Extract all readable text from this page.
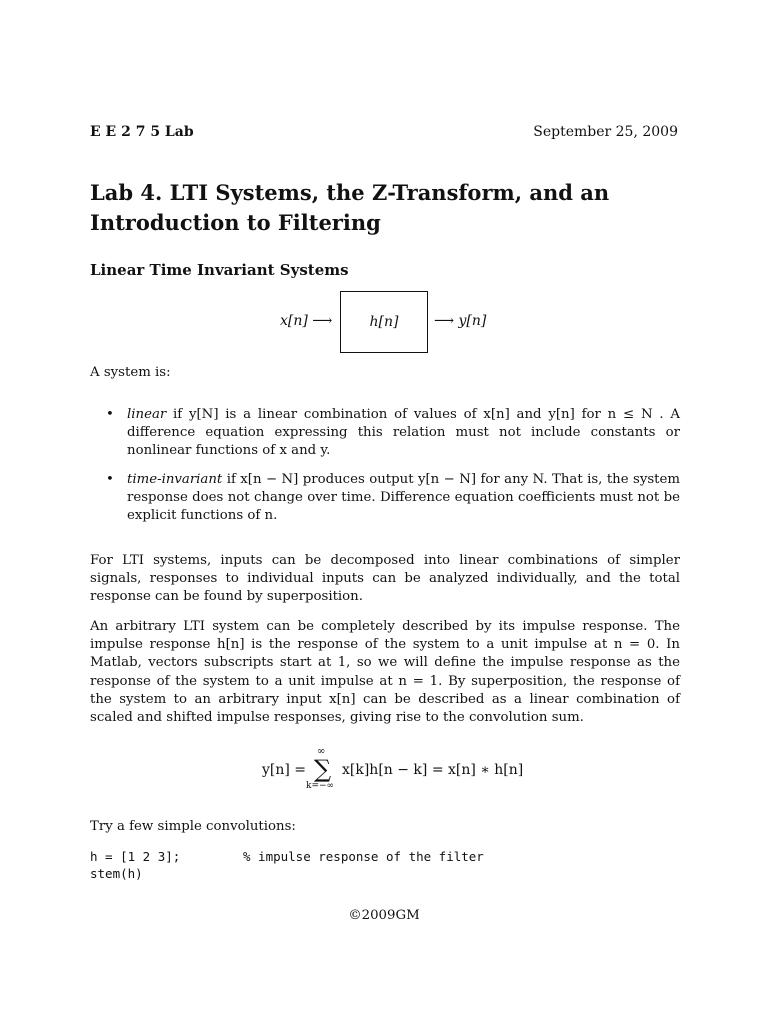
E E 2 7 5 Lab	September 25, 2009
Lab 4. LTI Systems, the Z-Transform, and an Introduction to Filtering
Linear Time Invariant Systems
x[n] ⟶	h[n]	⟶ y[n]
A system is:
• linear if y[N] is a linear combination of values of x[n] and y[n] for n ≤ N . A difference equation expressing this relation must not include constants or nonlinear functions of x and y.
• time-invariant if x[n − N] produces output y[n − N] for any N. That is, the system response does not change over time. Difference equation coefficients must not be explicit functions of n.
For LTI systems, inputs can be decomposed into linear combinations of simpler signals, responses to individual inputs can be analyzed individually, and the total response can be found by superposition.
An arbitrary LTI system can be completely described by its impulse response. The impulse response h[n] is the response of the system to a unit impulse at n = 0. In Matlab, vectors subscripts start at 1, so we will define the impulse response as the response of the system to a unit impulse at n = 1. By superposition, the response of the system to an arbitrary input x[n] can be described as a linear combination of scaled and shifted impulse responses, giving rise to the convolution sum.
y[n] =
∞
∑
k=−∞
x[k]h[n − k] = x[n] ∗ h[n]
Try a few simple convolutions:
h = [1 2 3];	% impulse response of the filter
stem(h)
©2009GM
